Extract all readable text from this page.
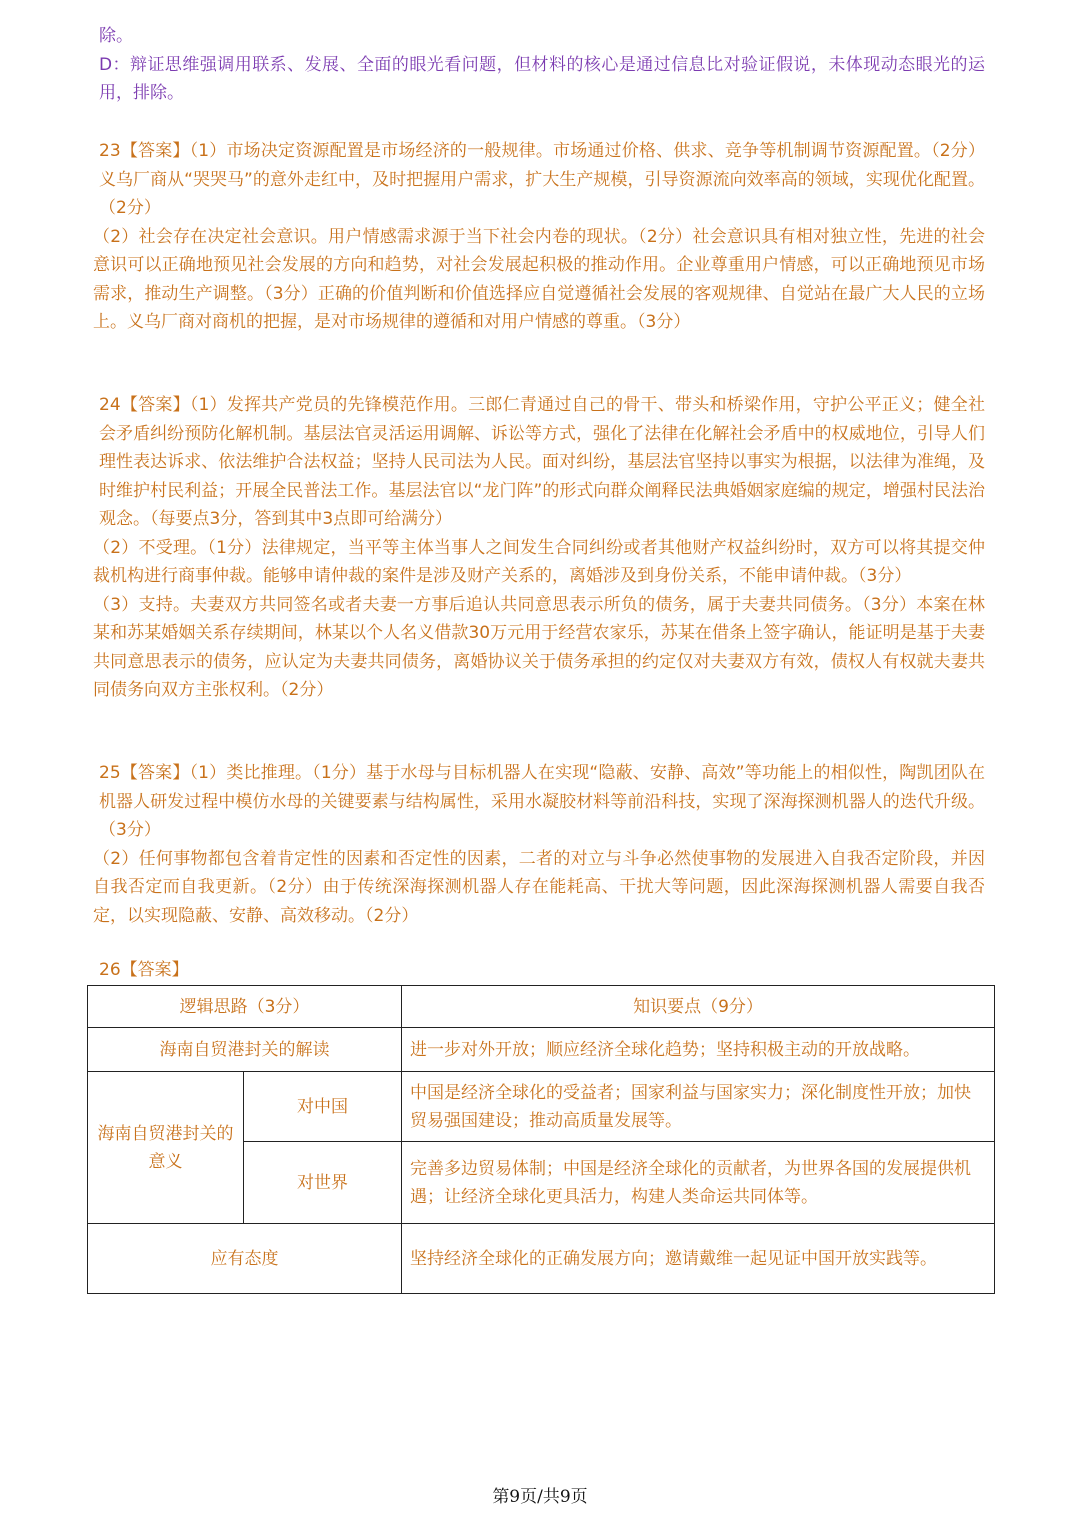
除。
D：辩证思维强调用联系、发展、全面的眼光看问题，但材料的核心是通过信息比对验证假说，未体现动态眼光的运用，排除。
23【答案】（1）市场决定资源配置是市场经济的一般规律。市场通过价格、供求、竞争等机制调节资源配置。（2分）义乌厂商从“哭哭马”的意外走红中，及时把握用户需求，扩大生产规模，引导资源流向效率高的领域，实现优化配置。（2分）
（2）社会存在决定社会意识。用户情感需求源于当下社会内卷的现状。（2分）社会意识具有相对独立性，先进的社会意识可以正确地预见社会发展的方向和趋势，对社会发展起积极的推动作用。企业尊重用户情感，可以正确地预见市场需求，推动生产调整。（3分）正确的价值判断和价值选择应自觉遵循社会发展的客观规律、自觉站在最广大人民的立场上。义乌厂商对商机的把握，是对市场规律的遵循和对用户情感的尊重。（3分）
24【答案】（1）发挥共产党员的先锋模范作用。三郎仁青通过自己的骨干、带头和桥梁作用，守护公平正义；健全社会矛盾纠纷预防化解机制。基层法官灵活运用调解、诉讼等方式，强化了法律在化解社会矛盾中的权威地位，引导人们理性表达诉求、依法维护合法权益；坚持人民司法为人民。面对纠纷，基层法官坚持以事实为根据，以法律为准绳，及时维护村民利益；开展全民普法工作。基层法官以“龙门阵”的形式向群众阐释民法典婚姻家庭编的规定，增强村民法治观念。（每要点3分，答到其中3点即可给满分）
（2）不受理。（1分）法律规定，当平等主体当事人之间发生合同纠纷或者其他财产权益纠纷时，双方可以将其提交仲裁机构进行商事仲裁。能够申请仲裁的案件是涉及财产关系的，离婚涉及到身份关系，不能申请仲裁。（3分）
（3）支持。夫妻双方共同签名或者夫妻一方事后追认共同意思表示所负的债务，属于夫妻共同债务。（3分）本案在林某和苏某婚姻关系存续期间，林某以个人名义借款30万元用于经营农家乐，苏某在借条上签字确认，能证明是基于夫妻共同意思表示的债务，应认定为夫妻共同债务，离婚协议关于债务承担的约定仅对夫妻双方有效，债权人有权就夫妻共同债务向双方主张权利。（2分）
25【答案】（1）类比推理。（1分）基于水母与目标机器人在实现“隐蔽、安静、高效”等功能上的相似性，陶凯团队在机器人研发过程中模仿水母的关键要素与结构属性，采用水凝胶材料等前沿科技，实现了深海探测机器人的迭代升级。（3分）
（2）任何事物都包含着肯定性的因素和否定性的因素，二者的对立与斗争必然使事物的发展进入自我否定阶段，并因自我否定而自我更新。（2分）由于传统深海探测机器人存在能耗高、干扰大等问题，因此深海探测机器人需要自我否定，以实现隐蔽、安静、高效移动。（2分）
26【答案】
逻辑思路（3分）		知识要点（9分）
海南自贸港封关的解读		进一步对外开放；顺应经济全球化趋势；坚持积极主动的开放战略。
海南自贸港封关的意义	对中国	中国是经济全球化的受益者；国家利益与国家实力；深化制度性开放；加快贸易强国建设；推动高质量发展等。
	对世界	完善多边贸易体制；中国是经济全球化的贡献者，为世界各国的发展提供机遇；让经济全球化更具活力，构建人类命运共同体等。
应有态度		坚持经济全球化的正确发展方向；邀请戴维一起见证中国开放实践等。
第9页/共9页
